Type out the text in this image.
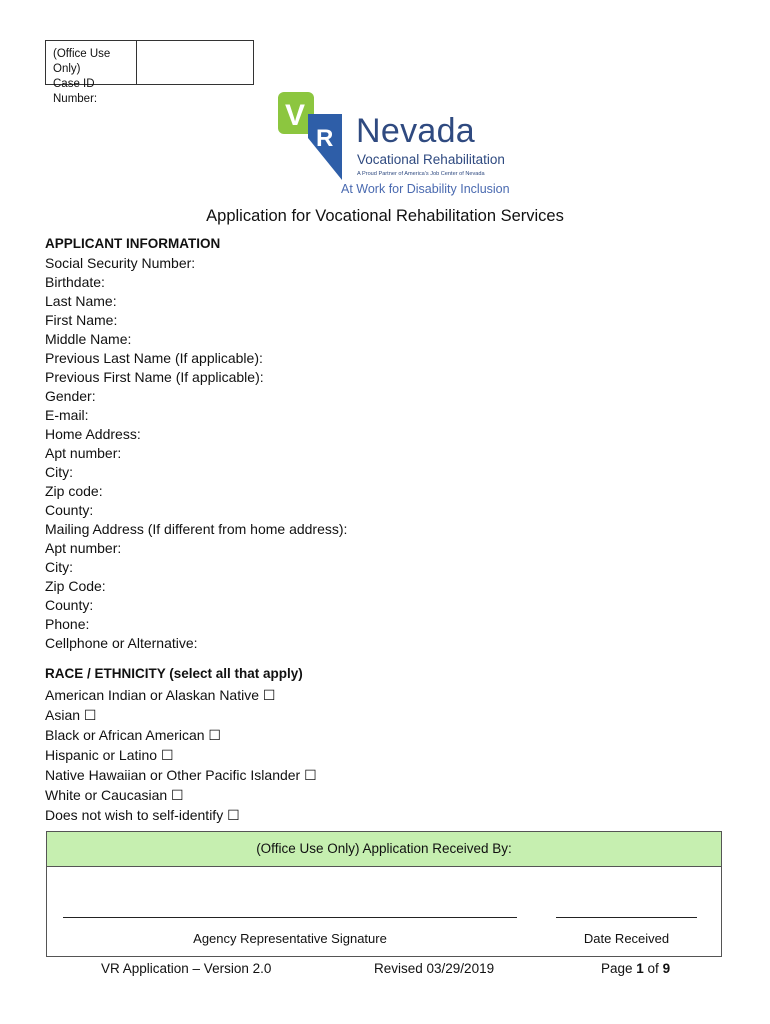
(Office Use Only)
Case ID Number:	V
R Nevada
Vocational Rehabilitation
A Proud Partner of America's Job Center of Nevada
At Work for Disability Inclusion
Application for Vocational Rehabilitation Services
APPLICANT INFORMATION
Social Security Number:
Birthdate:
Last Name:
First Name:
Middle Name:
Previous Last Name (If applicable):
Previous First Name (If applicable):
Gender:
E-mail:
Home Address:
Apt number:
City:
Zip code:
County:
Mailing Address (If different from home address):
Apt number:
City:
Zip Code:
County:
Phone:
Cellphone or Alternative:
RACE / ETHNICITY (select all that apply)
American Indian or Alaskan Native ☐
Asian ☐
Black or African American ☐
Hispanic or Latino ☐
Native Hawaiian or Other Pacific Islander ☐
White or Caucasian ☐
Does not wish to self-identify ☐
(Office Use Only) Application Received By:
Agency Representative Signature	Date Received
VR Application – Version 2.0	Revised 03/29/2019	Page 1 of 9
